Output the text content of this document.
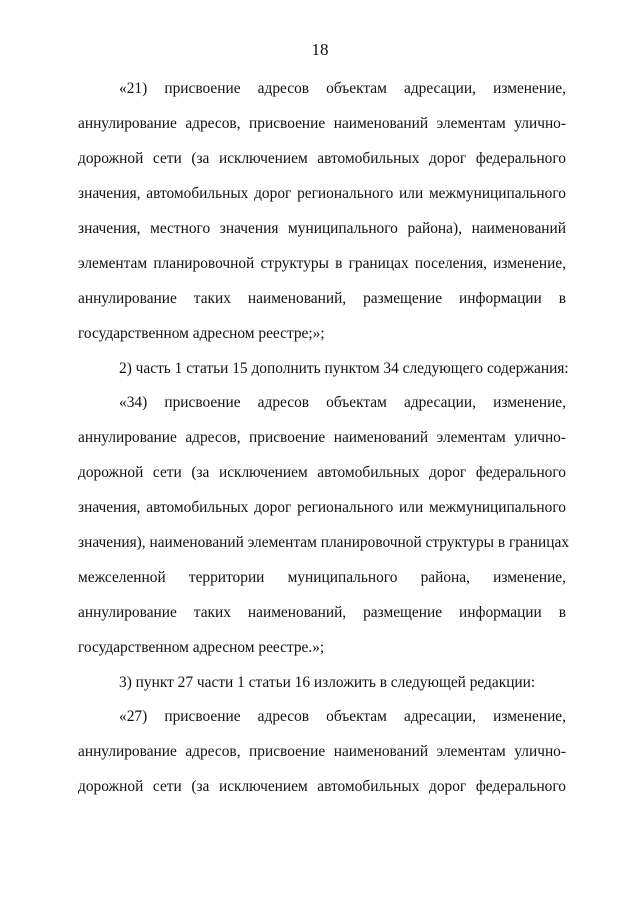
18
«21) присвоение адресов объектам адресации, изменение,
аннулирование адресов, присвоение наименований элементам улично-
дорожной сети (за исключением автомобильных дорог федерального
значения, автомобильных дорог регионального или межмуниципального
значения, местного значения муниципального района), наименований
элементам планировочной структуры в границах поселения, изменение,
аннулирование таких наименований, размещение информации в
государственном адресном реестре;»;
2) часть 1 статьи 15 дополнить пунктом 34 следующего содержания:
«34) присвоение адресов объектам адресации, изменение,
аннулирование адресов, присвоение наименований элементам улично-
дорожной сети (за исключением автомобильных дорог федерального
значения, автомобильных дорог регионального или межмуниципального
значения), наименований элементам планировочной структуры в границах
межселенной территории муниципального района, изменение,
аннулирование таких наименований, размещение информации в
государственном адресном реестре.»;
3) пункт 27 части 1 статьи 16 изложить в следующей редакции:
«27) присвоение адресов объектам адресации, изменение,
аннулирование адресов, присвоение наименований элементам улично-
дорожной сети (за исключением автомобильных дорог федерального
